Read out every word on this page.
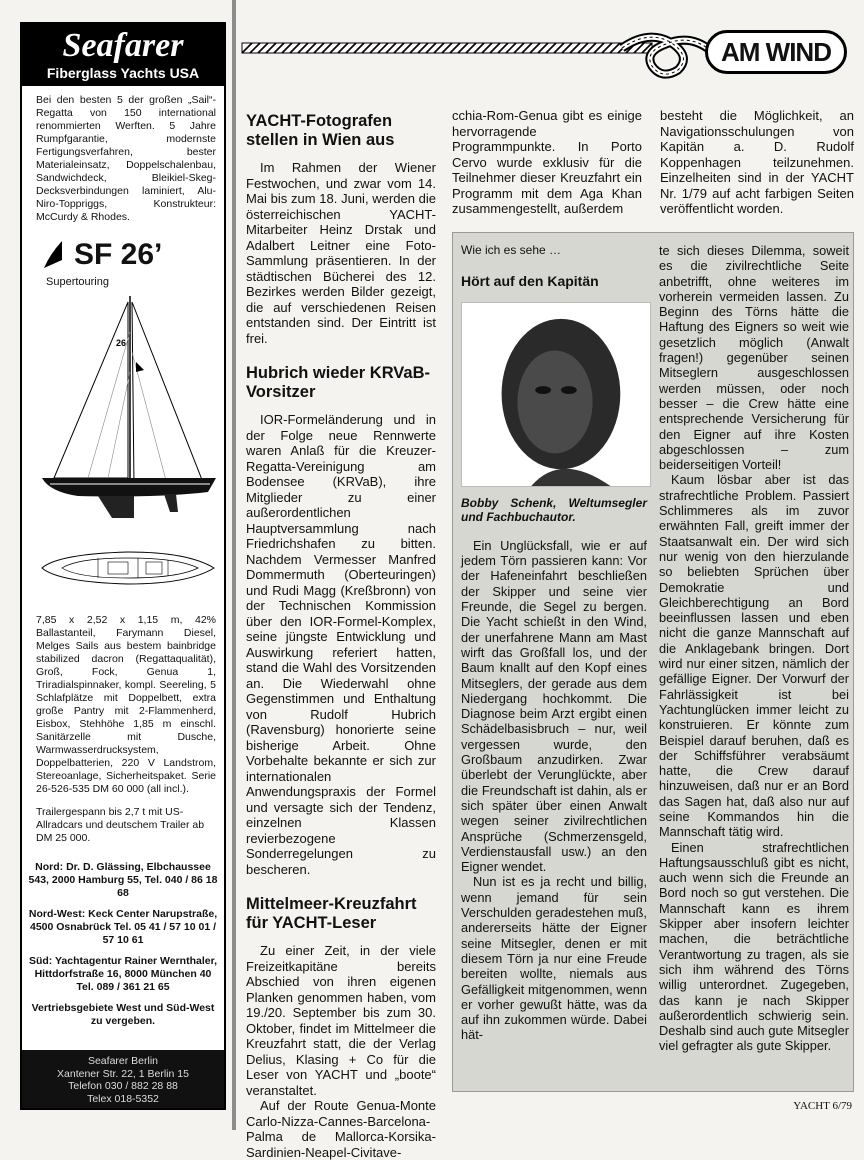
Seafarer
Fiberglass Yachts USA
Bei den besten 5 der großen „Sail“-Regatta von 150 international renommierten Werften. 5 Jahre Rumpfgarantie, modernste Fertigungsverfahren, bester Materialeinsatz, Doppelschalenbau, Sandwichdeck, Bleikiel-Skeg-Decksverbindungen laminiert, Alu-Niro-Toppriggs, Konstrukteur: McCurdy & Rhodes.
SF 26’
Supertouring
26
7,85 x 2,52 x 1,15 m, 42% Ballastanteil, Farymann Diesel, Melges Sails aus bestem bainbridge stabilized dacron (Regattaqualität), Groß, Fock, Genua 1, Triradialspinnaker, kompl. Seereling, 5 Schlafplätze mit Doppelbett, extra große Pantry mit 2-Flammenherd, Eisbox, Stehhöhe 1,85 m einschl. Sanitärzelle mit Dusche, Warmwasserdrucksystem, Doppelbatterien, 220 V Landstrom, Stereoanlage, Sicherheitspaket. Serie 26-526-535 DM 60 000 (all incl.).
Trailergespann bis 2,7 t mit US-Allradcars und deutschem Trailer ab DM 25 000.
Nord: Dr. D. Glässing, Elbchaussee 543, 2000 Hamburg 55, Tel. 040 / 86 18 68
Nord-West: Keck Center Narupstraße, 4500 Osnabrück Tel. 05 41 / 57 10 01 / 57 10 61
Süd: Yachtagentur Rainer Wernthaler, Hittdorfstraße 16, 8000 München 40 Tel. 089 / 361 21 65
Vertriebsgebiete West und Süd-West zu vergeben.
Seafarer Berlin
Xantener Str. 22, 1 Berlin 15
Telefon 030 / 882 28 88
Telex 018-5352
AM WIND
YACHT-Fotografen stellen in Wien aus

Im Rahmen der Wiener Festwochen, und zwar vom 14. Mai bis zum 18. Juni, werden die österreichischen YACHT-Mitarbeiter Heinz Drstak und Adalbert Leitner eine Foto-Sammlung präsentieren. In der städtischen Bücherei des 12. Bezirkes werden Bilder gezeigt, die auf verschiedenen Reisen entstanden sind. Der Eintritt ist frei.

Hubrich wieder KRVaB-Vorsitzer

IOR-Formeländerung und in der Folge neue Rennwerte waren Anlaß für die Kreuzer-Regatta-Vereinigung am Bodensee (KRVaB), ihre Mitglieder zu einer außerordentlichen Hauptversammlung nach Friedrichshafen zu bitten. Nachdem Vermesser Manfred Dommermuth (Oberteuringen) und Rudi Magg (Kreßbronn) von der Technischen Kommission über den IOR-Formel-Komplex, seine jüngste Entwicklung und Auswirkung referiert hatten, stand die Wahl des Vorsitzenden an. Die Wiederwahl ohne Gegenstimmen und Enthaltung von Rudolf Hubrich (Ravensburg) honorierte seine bisherige Arbeit. Ohne Vorbehalte bekannte er sich zur internationalen Anwendungspraxis der Formel und versagte sich der Tendenz, einzelnen Klassen revierbezogene Sonderregelungen zu bescheren.

Mittelmeer-Kreuzfahrt für YACHT-Leser

Zu einer Zeit, in der viele Freizeitkapitäne bereits Abschied von ihren eigenen Planken genommen haben, vom 19./20. September bis zum 30. Oktober, findet im Mittelmeer die Kreuzfahrt statt, die der Verlag Delius, Klasing + Co für die Leser von YACHT und „boote“ veranstaltet.

Auf der Route Genua-Monte Carlo-Nizza-Cannes-Barcelona-Palma de Mallorca-Korsika-Sardinien-Neapel-Civitave-

cchia-Rom-Genua gibt es einige hervorragende Programmpunkte. In Porto Cervo wurde exklusiv für die Teilnehmer dieser Kreuzfahrt ein Programm mit dem Aga Khan zusammengestellt, außerdem

besteht die Möglichkeit, an Navigationsschulungen von Kapitän a. D. Rudolf Koppenhagen teilzunehmen. Einzelheiten sind in der YACHT Nr. 1/79 auf acht farbigen Seiten veröffentlicht worden.

Wie ich es sehe …
Hört auf den Kapitän
Bobby Schenk, Weltumsegler und Fachbuchautor.

Ein Unglücksfall, wie er auf jedem Törn passieren kann: Vor der Hafeneinfahrt beschließen der Skipper und seine vier Freunde, die Segel zu bergen. Die Yacht schießt in den Wind, der unerfahrene Mann am Mast wirft das Großfall los, und der Baum knallt auf den Kopf eines Mitseglers, der gerade aus dem Niedergang hochkommt. Die Diagnose beim Arzt ergibt einen Schädelbasisbruch – nur, weil vergessen wurde, den Großbaum anzudirken. Zwar überlebt der Verunglückte, aber die Freundschaft ist dahin, als er sich später über einen Anwalt wegen seiner zivilrechtlichen Ansprüche (Schmerzensgeld, Verdienstausfall usw.) an den Eigner wendet.

Nun ist es ja recht und billig, wenn jemand für sein Verschulden geradestehen muß, andererseits hätte der Eigner seine Mitsegler, denen er mit diesem Törn ja nur eine Freude bereiten wollte, niemals aus Gefälligkeit mitgenommen, wenn er vorher gewußt hätte, was da auf ihn zukommen würde. Dabei hät-

te sich dieses Dilemma, soweit es die zivilrechtliche Seite anbetrifft, ohne weiteres im vorherein vermeiden lassen. Zu Beginn des Törns hätte die Haftung des Eigners so weit wie gesetzlich möglich (Anwalt fragen!) gegenüber seinen Mitseglern ausgeschlossen werden müssen, oder noch besser – die Crew hätte eine entsprechende Versicherung für den Eigner auf ihre Kosten abgeschlossen – zum beiderseitigen Vorteil!

Kaum lösbar aber ist das strafrechtliche Problem. Passiert Schlimmeres als im zuvor erwähnten Fall, greift immer der Staatsanwalt ein. Der wird sich nur wenig von den hierzulande so beliebten Sprüchen über Demokratie und Gleichberechtigung an Bord beeinflussen lassen und eben nicht die ganze Mannschaft auf die Anklagebank bringen. Dort wird nur einer sitzen, nämlich der gefällige Eigner. Der Vorwurf der Fahrlässigkeit ist bei Yachtunglücken immer leicht zu konstruieren. Er könnte zum Beispiel darauf beruhen, daß es der Schiffsführer verabsäumt hatte, die Crew darauf hinzuweisen, daß nur er an Bord das Sagen hat, daß also nur auf seine Kommandos hin die Mannschaft tätig wird.

Einen strafrechtlichen Haftungsausschluß gibt es nicht, auch wenn sich die Freunde an Bord noch so gut verstehen. Die Mannschaft kann es ihrem Skipper aber insofern leichter machen, die beträchtliche Verantwortung zu tragen, als sie sich ihm während des Törns willig unterordnet. Zugegeben, das kann je nach Skipper außerordentlich schwierig sein. Deshalb sind auch gute Mitsegler viel gefragter als gute Skipper.

YACHT 6/79
